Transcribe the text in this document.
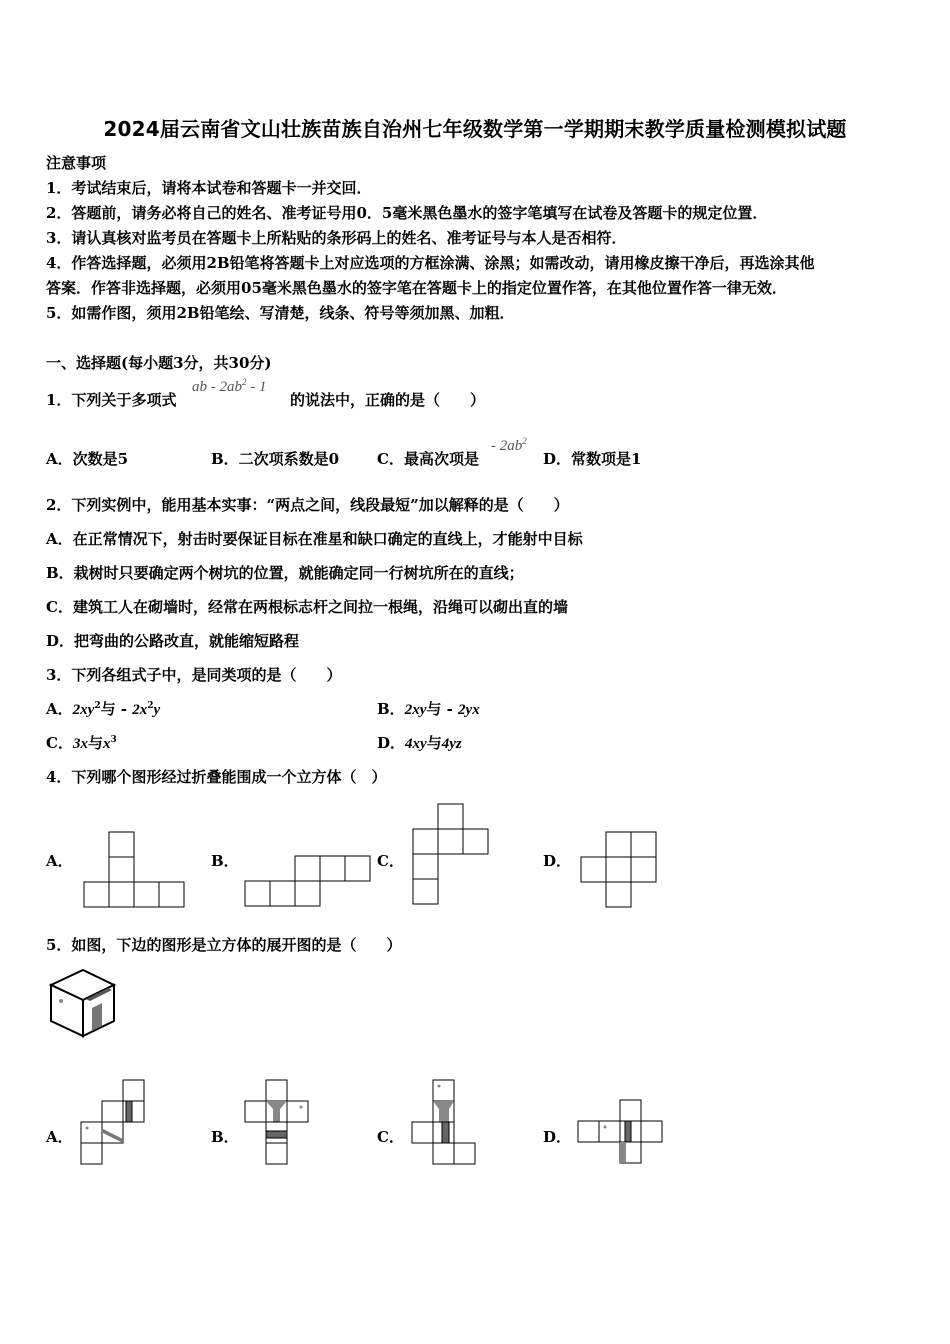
2024届云南省文山壮族苗族自治州七年级数学第一学期期末教学质量检测模拟试题
注意事项
1．考试结束后，请将本试卷和答题卡一并交回．
2．答题前，请务必将自己的姓名、准考证号用0．5毫米黑色墨水的签字笔填写在试卷及答题卡的规定位置．
3．请认真核对监考员在答题卡上所粘贴的条形码上的姓名、准考证号与本人是否相符．
4．作答选择题，必须用2B铅笔将答题卡上对应选项的方框涂满、涂黑；如需改动，请用橡皮擦干净后，再选涂其他
答案．作答非选择题，必须用05毫米黑色墨水的签字笔在答题卡上的指定位置作答，在其他位置作答一律无效．
5．如需作图，须用2B铅笔绘、写清楚，线条、符号等须加黑、加粗．
一、选择题(每小题3分，共30分)
1．下列关于多项式
ab - $2ab^2 - 1$
的说法中，正确的是（　　）
A．次数是5	B．二次项系数是0	C．最高次项是
- $2ab^2$
D．常数项是1
2．下列实例中，能用基本实事：“两点之间，线段最短”加以解释的是（　　）
A．在正常情况下，射击时要保证目标在准星和缺口确定的直线上，才能射中目标
B．栽树时只要确定两个树坑的位置，就能确定同一行树坑所在的直线；
C．建筑工人在砌墙时，经常在两根标志杆之间拉一根绳，沿绳可以砌出直的墙
D．把弯曲的公路改直，就能缩短路程
3．下列各组式子中，是同类项的是（　　）
A．$2xy^2$与 - $2x^2y$	B．2xy与 - 2yx
C．3x与$x^3$	D．4xy与4yz
4．下列哪个图形经过折叠能围成一个立方体（　）
A．	B．	C．	D．
5．如图，下边的图形是立方体的展开图的是（　　）
A．	B．	C．	D．
